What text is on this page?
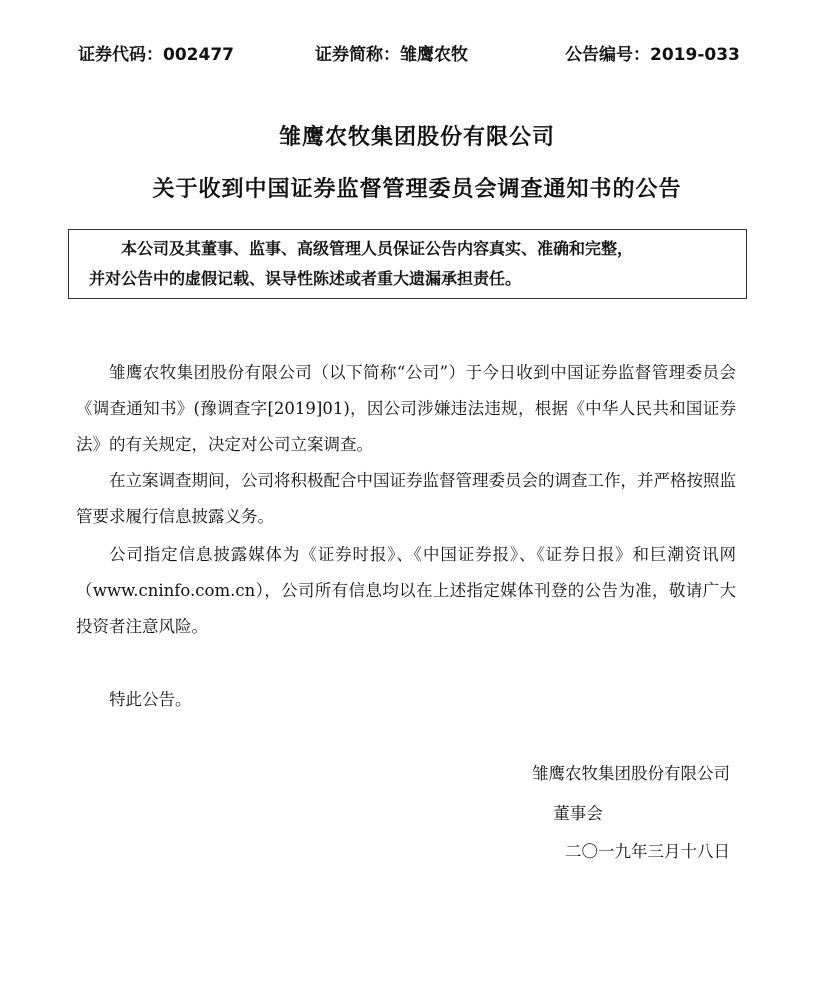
证券代码：002477	证券简称：雏鹰农牧	公告编号：2019-033
雏鹰农牧集团股份有限公司
关于收到中国证券监督管理委员会调查通知书的公告

本公司及其董事、监事、高级管理人员保证公告内容真实、准确和完整，

并对公告中的虚假记载、误导性陈述或者重大遗漏承担责任。

雏鹰农牧集团股份有限公司（以下简称“公司”）于今日收到中国证券监督管理委员会《调查通知书》(豫调查字[2019]01)，因公司涉嫌违法违规，根据《中华人民共和国证券法》的有关规定，决定对公司立案调查。

在立案调查期间，公司将积极配合中国证券监督管理委员会的调查工作，并严格按照监管要求履行信息披露义务。

公司指定信息披露媒体为《证券时报》、《中国证券报》、《证券日报》和巨潮资讯网（www.cninfo.com.cn），公司所有信息均以在上述指定媒体刊登的公告为准，敬请广大投资者注意风险。

特此公告。

雏鹰农牧集团股份有限公司
董事会
二〇一九年三月十八日
